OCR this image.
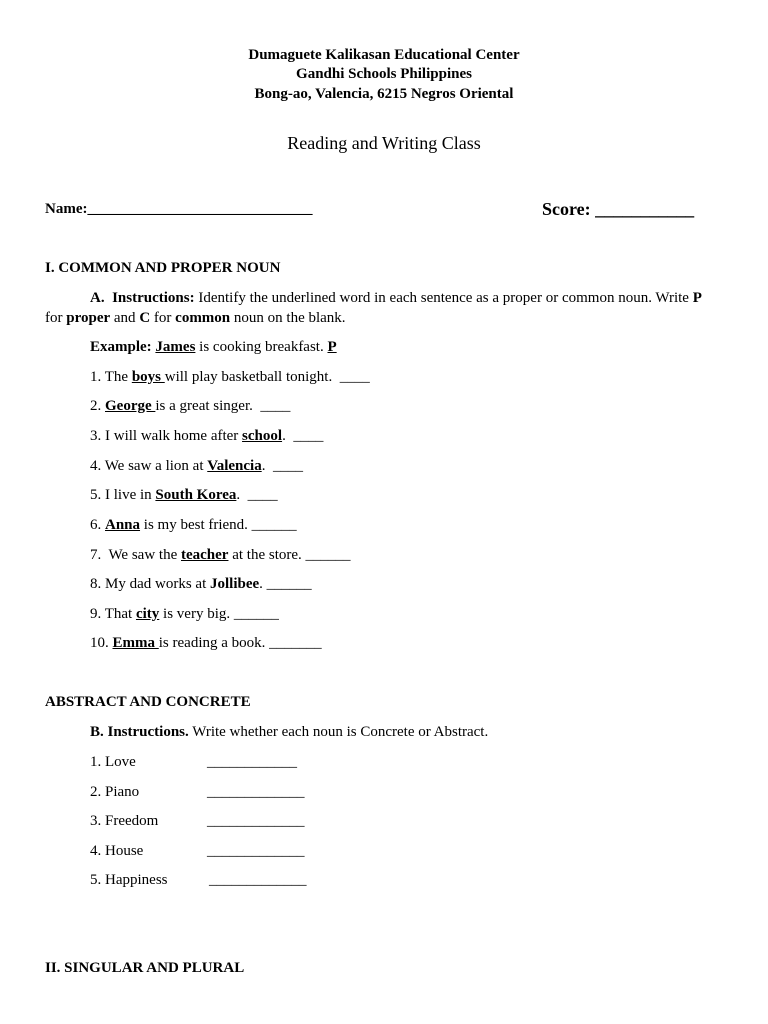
Dumaguete Kalikasan Educational Center
Gandhi Schools Philippines
Bong-ao, Valencia, 6215 Negros Oriental
Reading and Writing Class
Name:______________________________	Score: ___________
I. COMMON AND PROPER NOUN
A.  Instructions: Identify the underlined word in each sentence as a proper or common noun. Write P
for proper and C for common noun on the blank.
Example: James is cooking breakfast. P
1. The boys will play basketball tonight.  ____
2. George is a great singer.  ____
3. I will walk home after school.  ____
4. We saw a lion at Valencia.  ____
5. I live in South Korea.  ____
6. Anna is my best friend. ______
7.  We saw the teacher at the store. ______
8. My dad works at Jollibee. ______
9. That city is very big. ______
10. Emma is reading a book. _______
ABSTRACT AND CONCRETE
B. Instructions. Write whether each noun is Concrete or Abstract.
1. Love	____________
2. Piano	_____________
3. Freedom	_____________
4. House	_____________
5. Happiness	_____________
II. SINGULAR AND PLURAL
